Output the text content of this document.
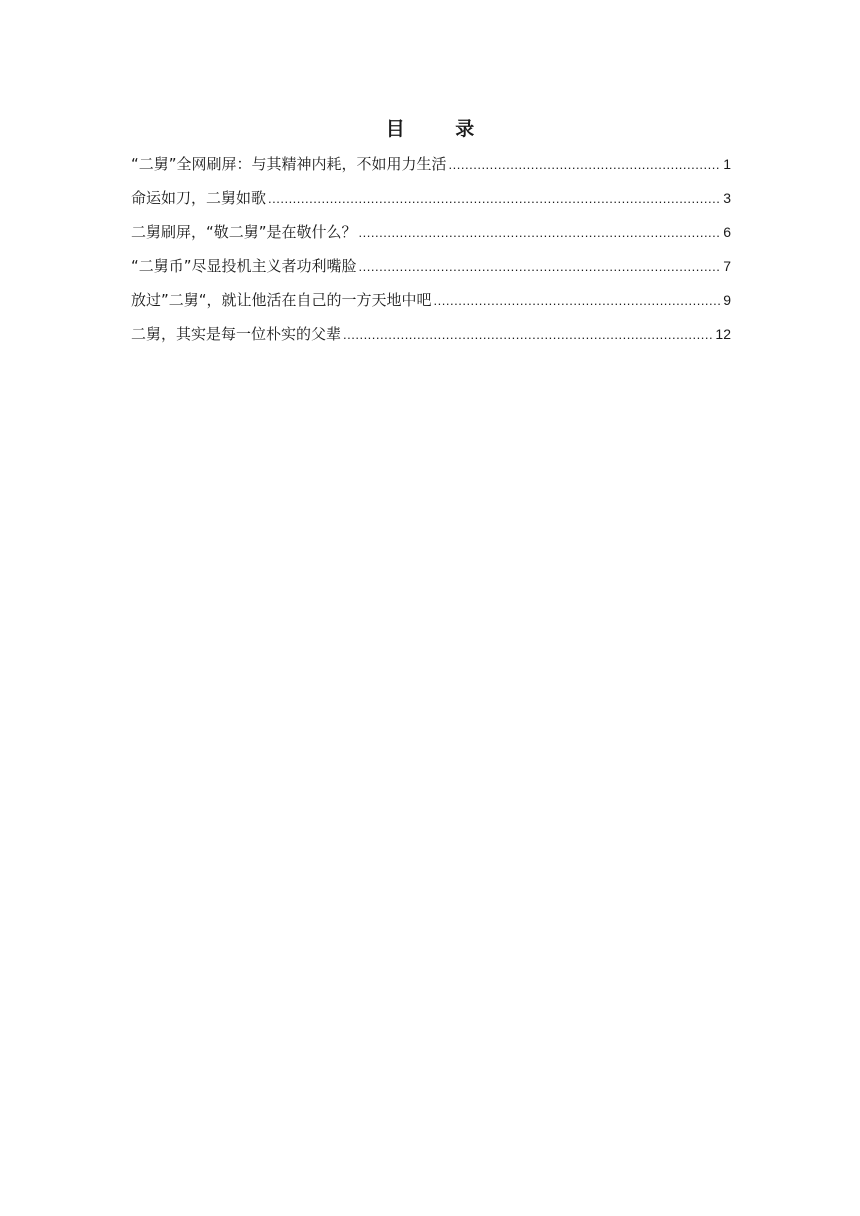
目 录
“二舅”全网刷屏：与其精神内耗，不如用力生活 .....	1
命运如刀，二舅如歌 .....	3
二舅刷屏，“敬二舅”是在敬什么？ .....	6
“二舅币”尽显投机主义者功利嘴脸 .....	7
放过”二舅“，就让他活在自己的一方天地中吧 .....	9
二舅，其实是每一位朴实的父辈 .....	12
